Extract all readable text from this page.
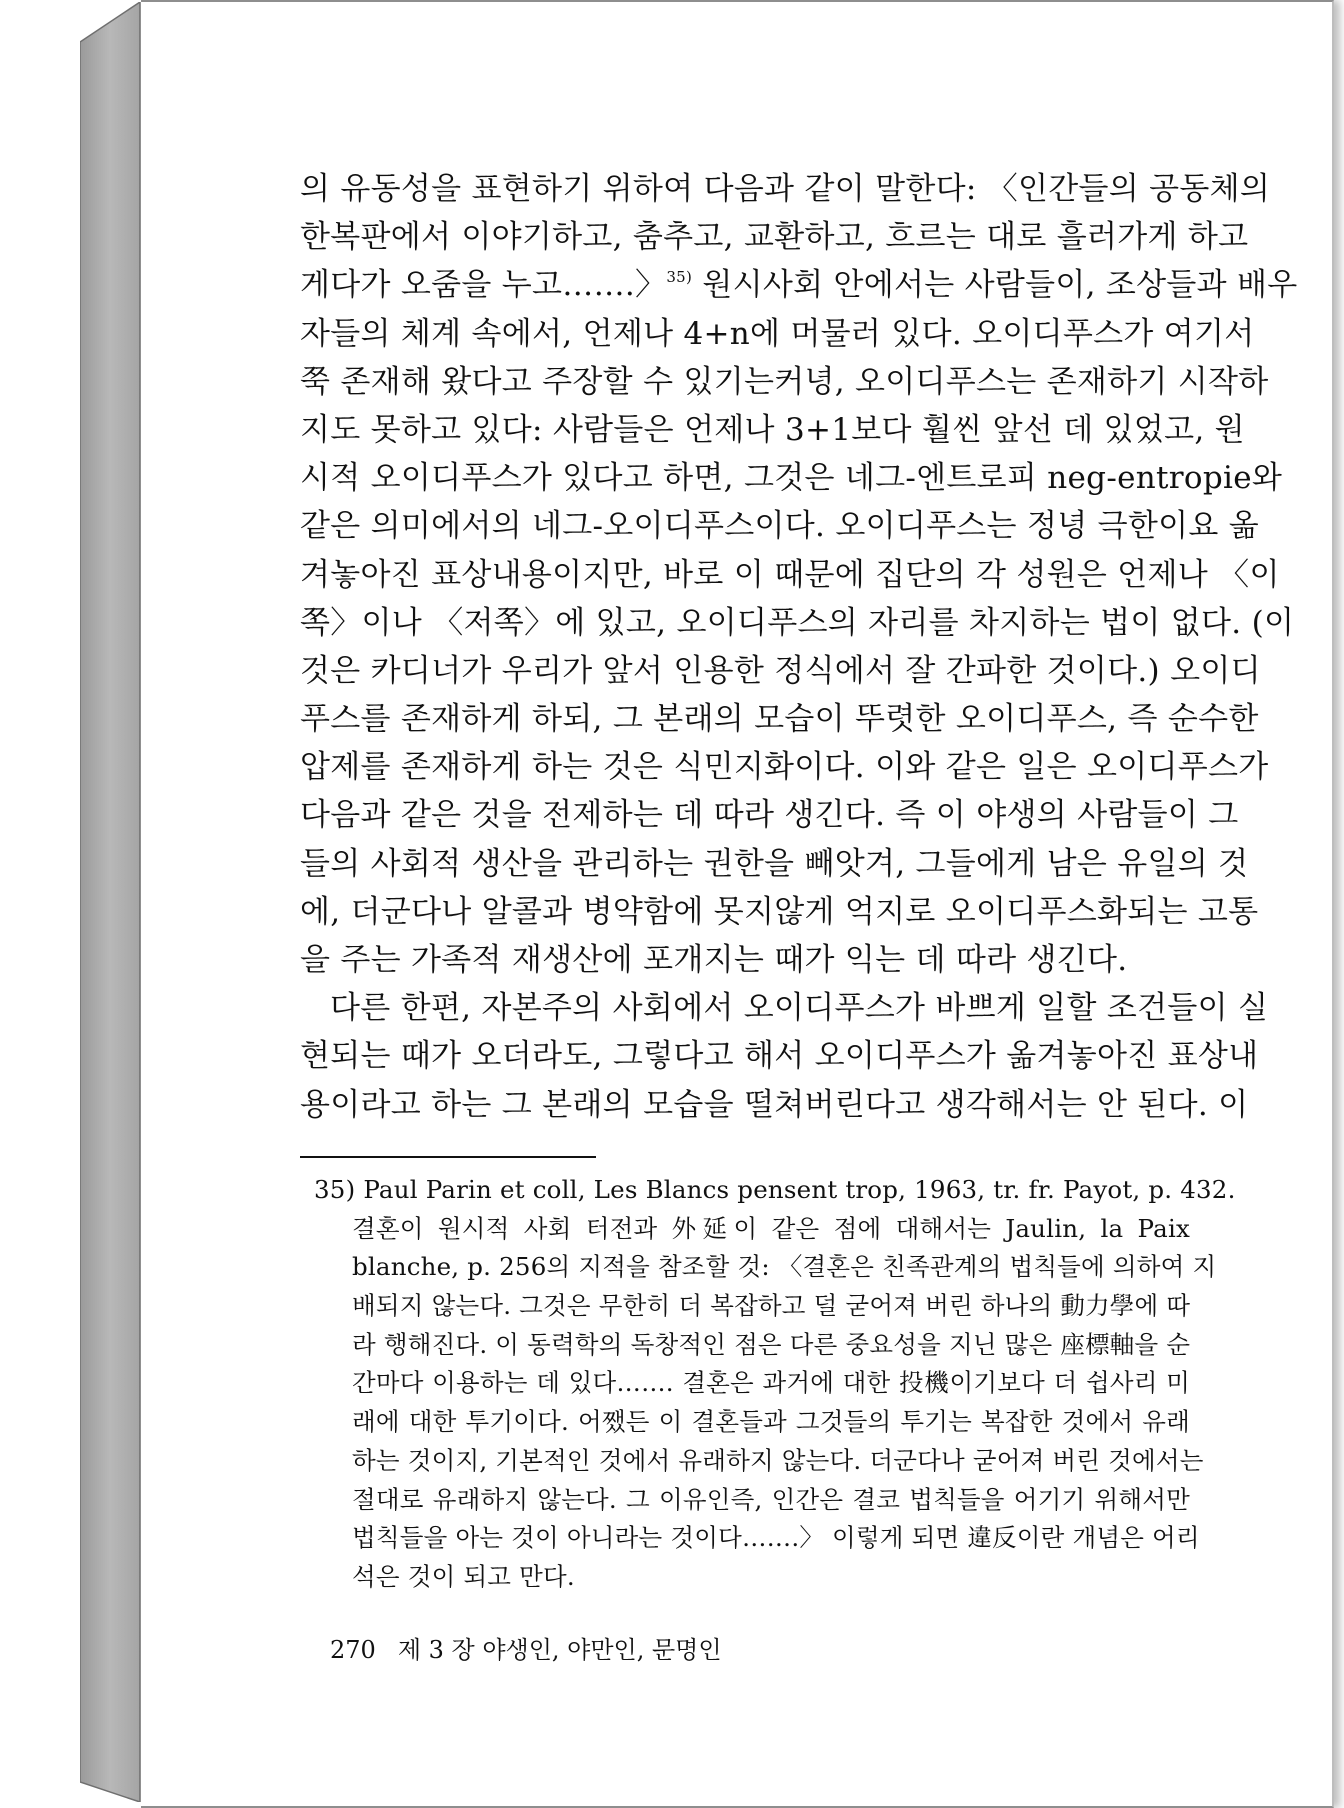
의 유동성을 표현하기 위하여 다음과 같이 말한다: 〈인간들의 공동체의
한복판에서 이야기하고, 춤추고, 교환하고, 흐르는 대로 흘러가게 하고
게다가 오줌을 누고…….〉$^{35)}$ 원시사회 안에서는 사람들이, 조상들과 배우
자들의 체계 속에서, 언제나 4+n에 머물러 있다. 오이디푸스가 여기서
쭉 존재해 왔다고 주장할 수 있기는커녕, 오이디푸스는 존재하기 시작하
지도 못하고 있다: 사람들은 언제나 3+1보다 훨씬 앞선 데 있었고, 원
시적 오이디푸스가 있다고 하면, 그것은 네그-엔트로피 neg-entropie와
같은 의미에서의 네그-오이디푸스이다. 오이디푸스는 정녕 극한이요 옮
겨놓아진 표상내용이지만, 바로 이 때문에 집단의 각 성원은 언제나 〈이
쪽〉이나 〈저쪽〉에 있고, 오이디푸스의 자리를 차지하는 법이 없다. (이
것은 카디너가 우리가 앞서 인용한 정식에서 잘 간파한 것이다.) 오이디
푸스를 존재하게 하되, 그 본래의 모습이 뚜렷한 오이디푸스, 즉 순수한
압제를 존재하게 하는 것은 식민지화이다. 이와 같은 일은 오이디푸스가
다음과 같은 것을 전제하는 데 따라 생긴다. 즉 이 야생의 사람들이 그
들의 사회적 생산을 관리하는 권한을 빼앗겨, 그들에게 남은 유일의 것
에, 더군다나 알콜과 병약함에 못지않게 억지로 오이디푸스화되는 고통
을 주는 가족적 재생산에 포개지는 때가 익는 데 따라 생긴다.
다른 한편, 자본주의 사회에서 오이디푸스가 바쁘게 일할 조건들이 실
현되는 때가 오더라도, 그렇다고 해서 오이디푸스가 옮겨놓아진 표상내
용이라고 하는 그 본래의 모습을 떨쳐버린다고 생각해서는 안 된다. 이
35) Paul Parin et coll, Les Blancs pensent trop, 1963, tr. fr. Payot, p. 432.
결혼이 원시적 사회 터전과 外延이 같은 점에 대해서는 Jaulin, la Paix
blanche, p. 256의 지적을 참조할 것: 〈결혼은 친족관계의 법칙들에 의하여 지
배되지 않는다. 그것은 무한히 더 복잡하고 덜 굳어져 버린 하나의 動力學에 따
라 행해진다. 이 동력학의 독창적인 점은 다른 중요성을 지닌 많은 座標軸을 순
간마다 이용하는 데 있다……. 결혼은 과거에 대한 投機이기보다 더 쉽사리 미
래에 대한 투기이다. 어쨌든 이 결혼들과 그것들의 투기는 복잡한 것에서 유래
하는 것이지, 기본적인 것에서 유래하지 않는다. 더군다나 굳어져 버린 것에서는
절대로 유래하지 않는다. 그 이유인즉, 인간은 결코 법칙들을 어기기 위해서만
법칙들을 아는 것이 아니라는 것이다…….〉 이렇게 되면 違反이란 개념은 어리
석은 것이 되고 만다.
270 제 3 장 야생인, 야만인, 문명인
